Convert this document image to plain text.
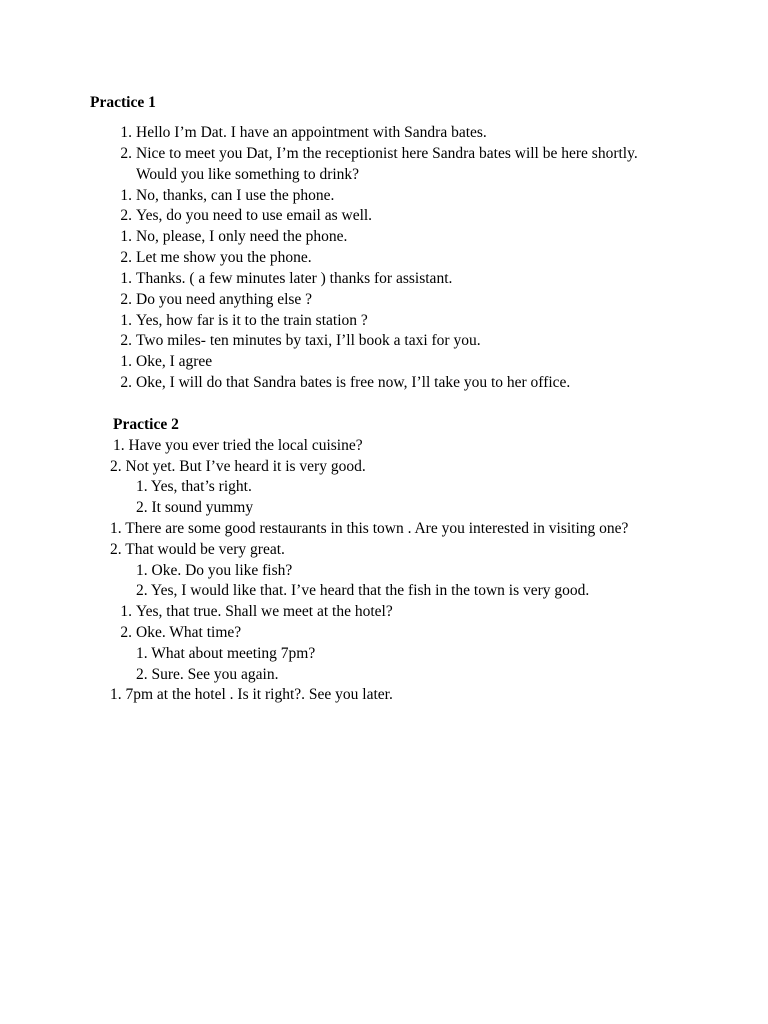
Practice 1
1. Hello I’m Dat. I have an appointment with Sandra bates.
2. Nice to meet you Dat, I’m the receptionist here Sandra bates will be here shortly.
Would you like something to drink?
1. No, thanks, can I use the phone.
2. Yes, do you need to use email as well.
1. No, please, I only need the phone.
2. Let me show you the phone.
1. Thanks. ( a few minutes later ) thanks for assistant.
2. Do you need anything else ?
1. Yes, how far is it to the train station ?
2. Two miles- ten minutes by taxi, I’ll book a taxi for you.
1. Oke, I agree
2. Oke, I will do that Sandra bates is free now, I’ll take you to her office.
Practice 2
1. Have you ever tried the local cuisine?
2. Not yet. But I’ve heard it is very good.
1. Yes, that’s right.
2. It sound yummy
1. There are some good restaurants in this town . Are you interested in visiting one?
2. That would be very great.
1. Oke. Do you like fish?
2. Yes, I would like that. I’ve heard that the fish in the town is very good.
1. Yes, that true. Shall we meet at the hotel?
2. Oke. What time?
1. What about meeting 7pm?
2. Sure. See you again.
1. 7pm at the hotel . Is it right?. See you later.
